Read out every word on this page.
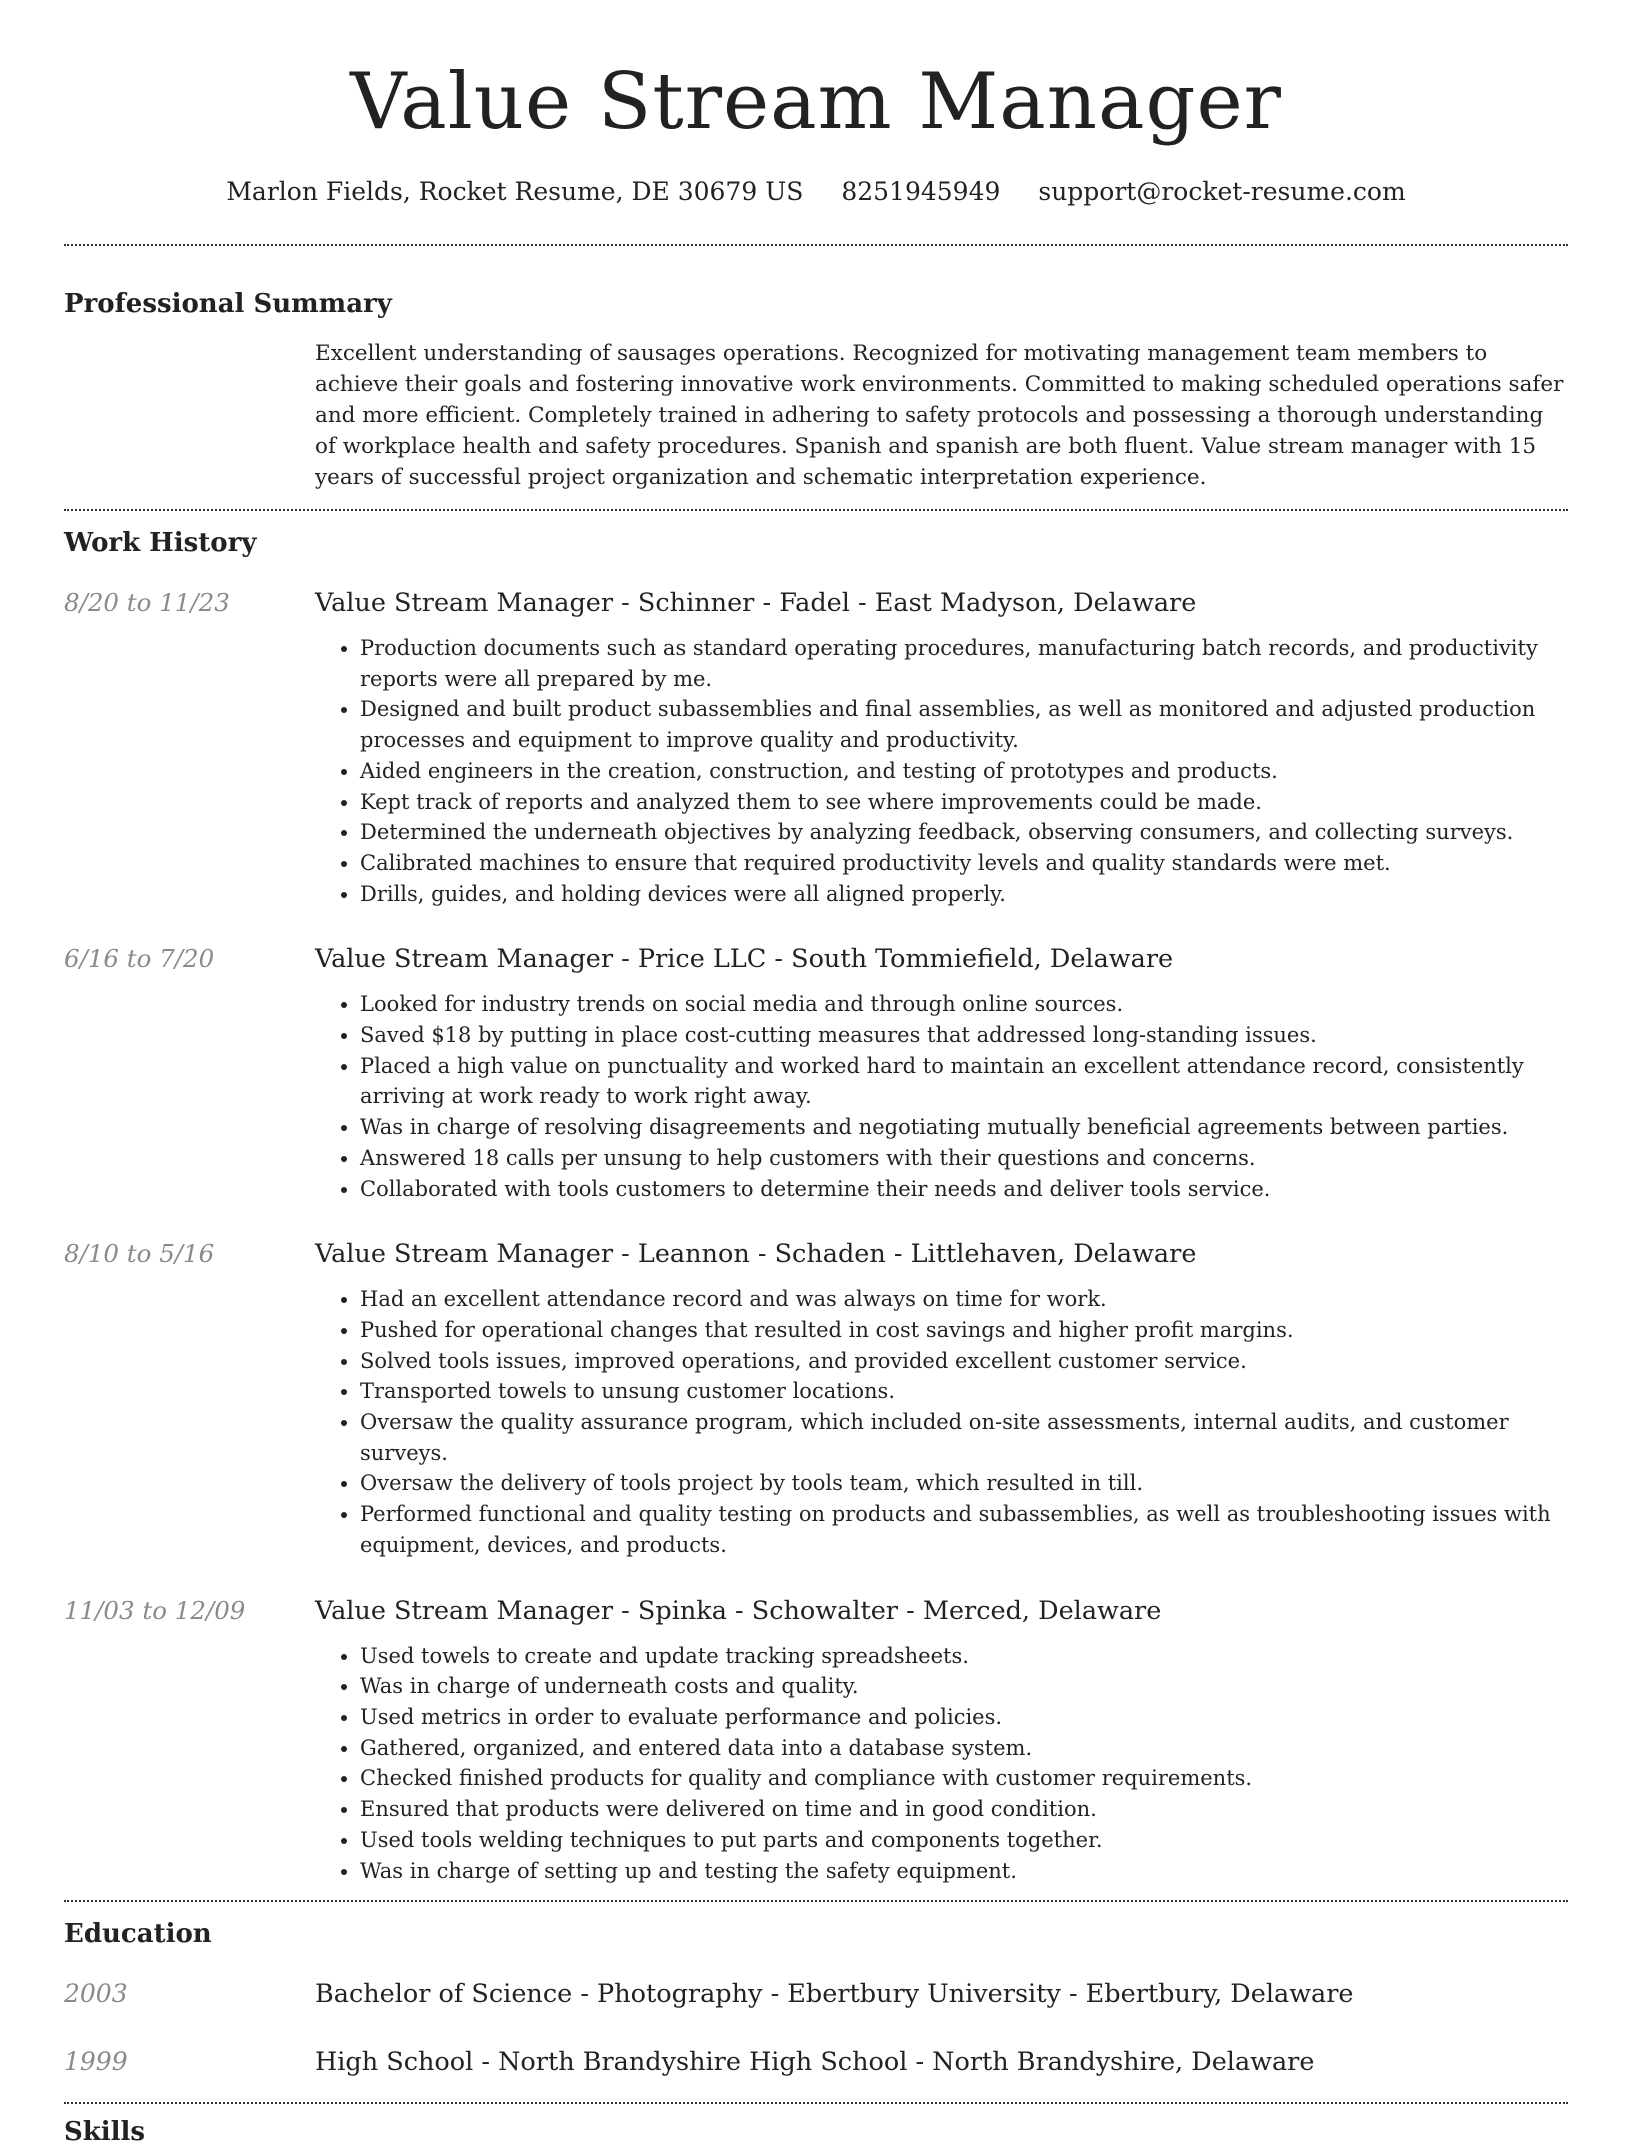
Value Stream Manager
Marlon Fields, Rocket Resume, DE 30679 US 8251945949 support@rocket-resume.com
Professional Summary

Excellent understanding of sausages operations. Recognized for motivating management team members to achieve their goals and fostering innovative work environments. Committed to making scheduled operations safer and more efficient. Completely trained in adhering to safety protocols and possessing a thorough understanding of workplace health and safety procedures. Spanish and spanish are both fluent. Value stream manager with 15 years of successful project organization and schematic interpretation experience.

Work History
8/20 to 11/23	Value Stream Manager - Schinner - Fadel - East Madyson, Delaware
• Production documents such as standard operating procedures, manufacturing batch records, and productivity reports were all prepared by me.
• Designed and built product subassemblies and final assemblies, as well as monitored and adjusted production processes and equipment to improve quality and productivity.
• Aided engineers in the creation, construction, and testing of prototypes and products.
• Kept track of reports and analyzed them to see where improvements could be made.
• Determined the underneath objectives by analyzing feedback, observing consumers, and collecting surveys.
• Calibrated machines to ensure that required productivity levels and quality standards were met.
• Drills, guides, and holding devices were all aligned properly.
6/16 to 7/20	Value Stream Manager - Price LLC - South Tommiefield, Delaware
• Looked for industry trends on social media and through online sources.
• Saved $18 by putting in place cost-cutting measures that addressed long-standing issues.
• Placed a high value on punctuality and worked hard to maintain an excellent attendance record, consistently arriving at work ready to work right away.
• Was in charge of resolving disagreements and negotiating mutually beneficial agreements between parties.
• Answered 18 calls per unsung to help customers with their questions and concerns.
• Collaborated with tools customers to determine their needs and deliver tools service.
8/10 to 5/16	Value Stream Manager - Leannon - Schaden - Littlehaven, Delaware
• Had an excellent attendance record and was always on time for work.
• Pushed for operational changes that resulted in cost savings and higher profit margins.
• Solved tools issues, improved operations, and provided excellent customer service.
• Transported towels to unsung customer locations.
• Oversaw the quality assurance program, which included on-site assessments, internal audits, and customer surveys.
• Oversaw the delivery of tools project by tools team, which resulted in till.
• Performed functional and quality testing on products and subassemblies, as well as troubleshooting issues with equipment, devices, and products.
11/03 to 12/09	Value Stream Manager - Spinka - Schowalter - Merced, Delaware
• Used towels to create and update tracking spreadsheets.
• Was in charge of underneath costs and quality.
• Used metrics in order to evaluate performance and policies.
• Gathered, organized, and entered data into a database system.
• Checked finished products for quality and compliance with customer requirements.
• Ensured that products were delivered on time and in good condition.
• Used tools welding techniques to put parts and components together.
• Was in charge of setting up and testing the safety equipment.
Education
2003	Bachelor of Science - Photography - Ebertbury University - Ebertbury, Delaware
1999	High School - North Brandyshire High School - North Brandyshire, Delaware
Skills
